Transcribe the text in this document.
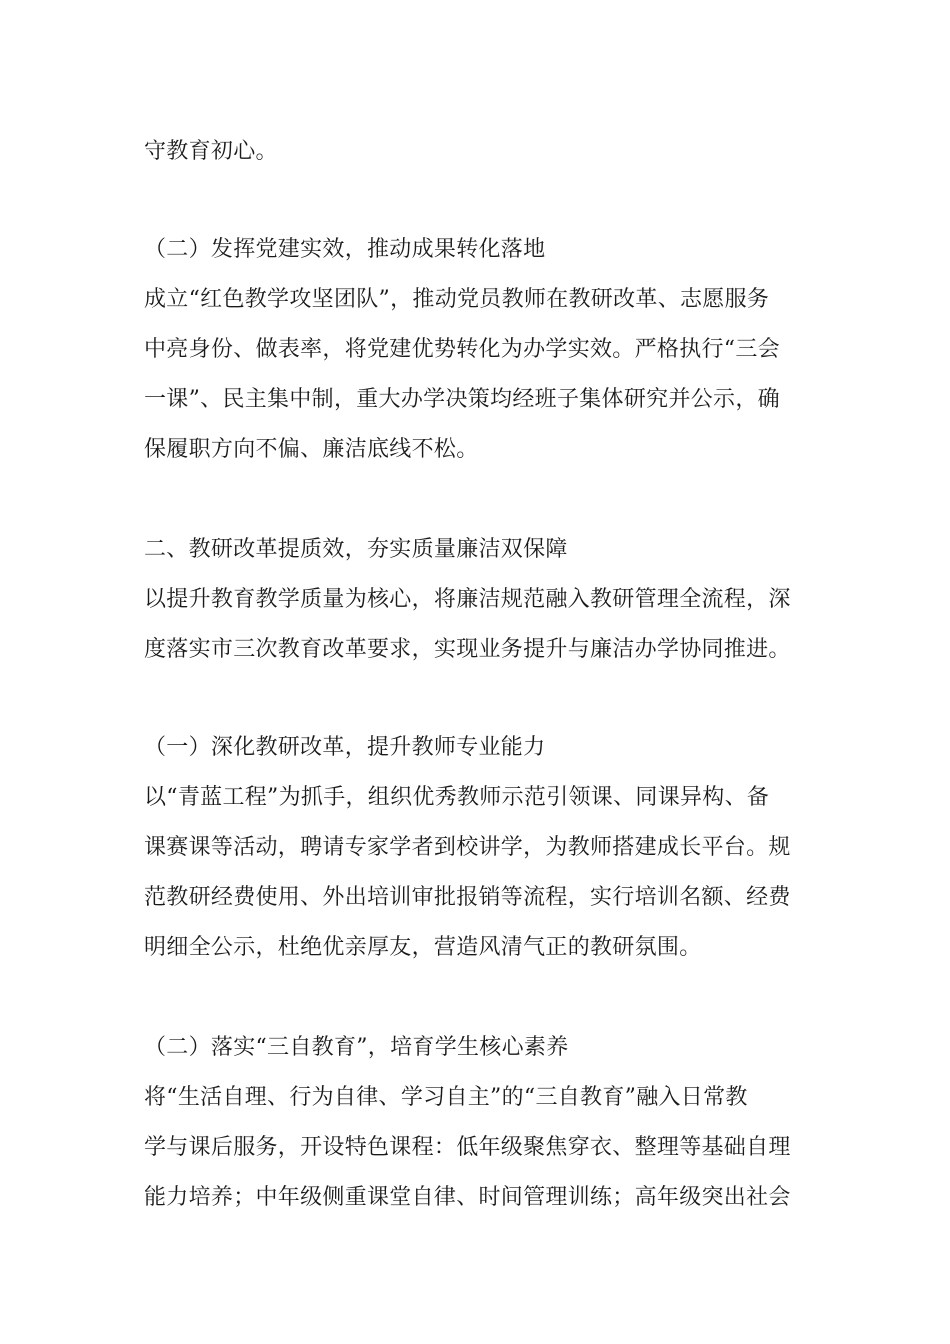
守教育初心。
（二）发挥党建实效，推动成果转化落地
成立“红色教学攻坚团队”，推动党员教师在教研改革、志愿服务
中亮身份、做表率，将党建优势转化为办学实效。严格执行“三会
一课”、民主集中制，重大办学决策均经班子集体研究并公示，确
保履职方向不偏、廉洁底线不松。
二、教研改革提质效，夯实质量廉洁双保障
以提升教育教学质量为核心，将廉洁规范融入教研管理全流程，深
度落实市三次教育改革要求，实现业务提升与廉洁办学协同推进。
（一）深化教研改革，提升教师专业能力
以“青蓝工程”为抓手，组织优秀教师示范引领课、同课异构、备
课赛课等活动，聘请专家学者到校讲学，为教师搭建成长平台。规
范教研经费使用、外出培训审批报销等流程，实行培训名额、经费
明细全公示，杜绝优亲厚友，营造风清气正的教研氛围。
（二）落实“三自教育”，培育学生核心素养
将“生活自理、行为自律、学习自主”的“三自教育”融入日常教
学与课后服务，开设特色课程：低年级聚焦穿衣、整理等基础自理
能力培养；中年级侧重课堂自律、时间管理训练；高年级突出社会
